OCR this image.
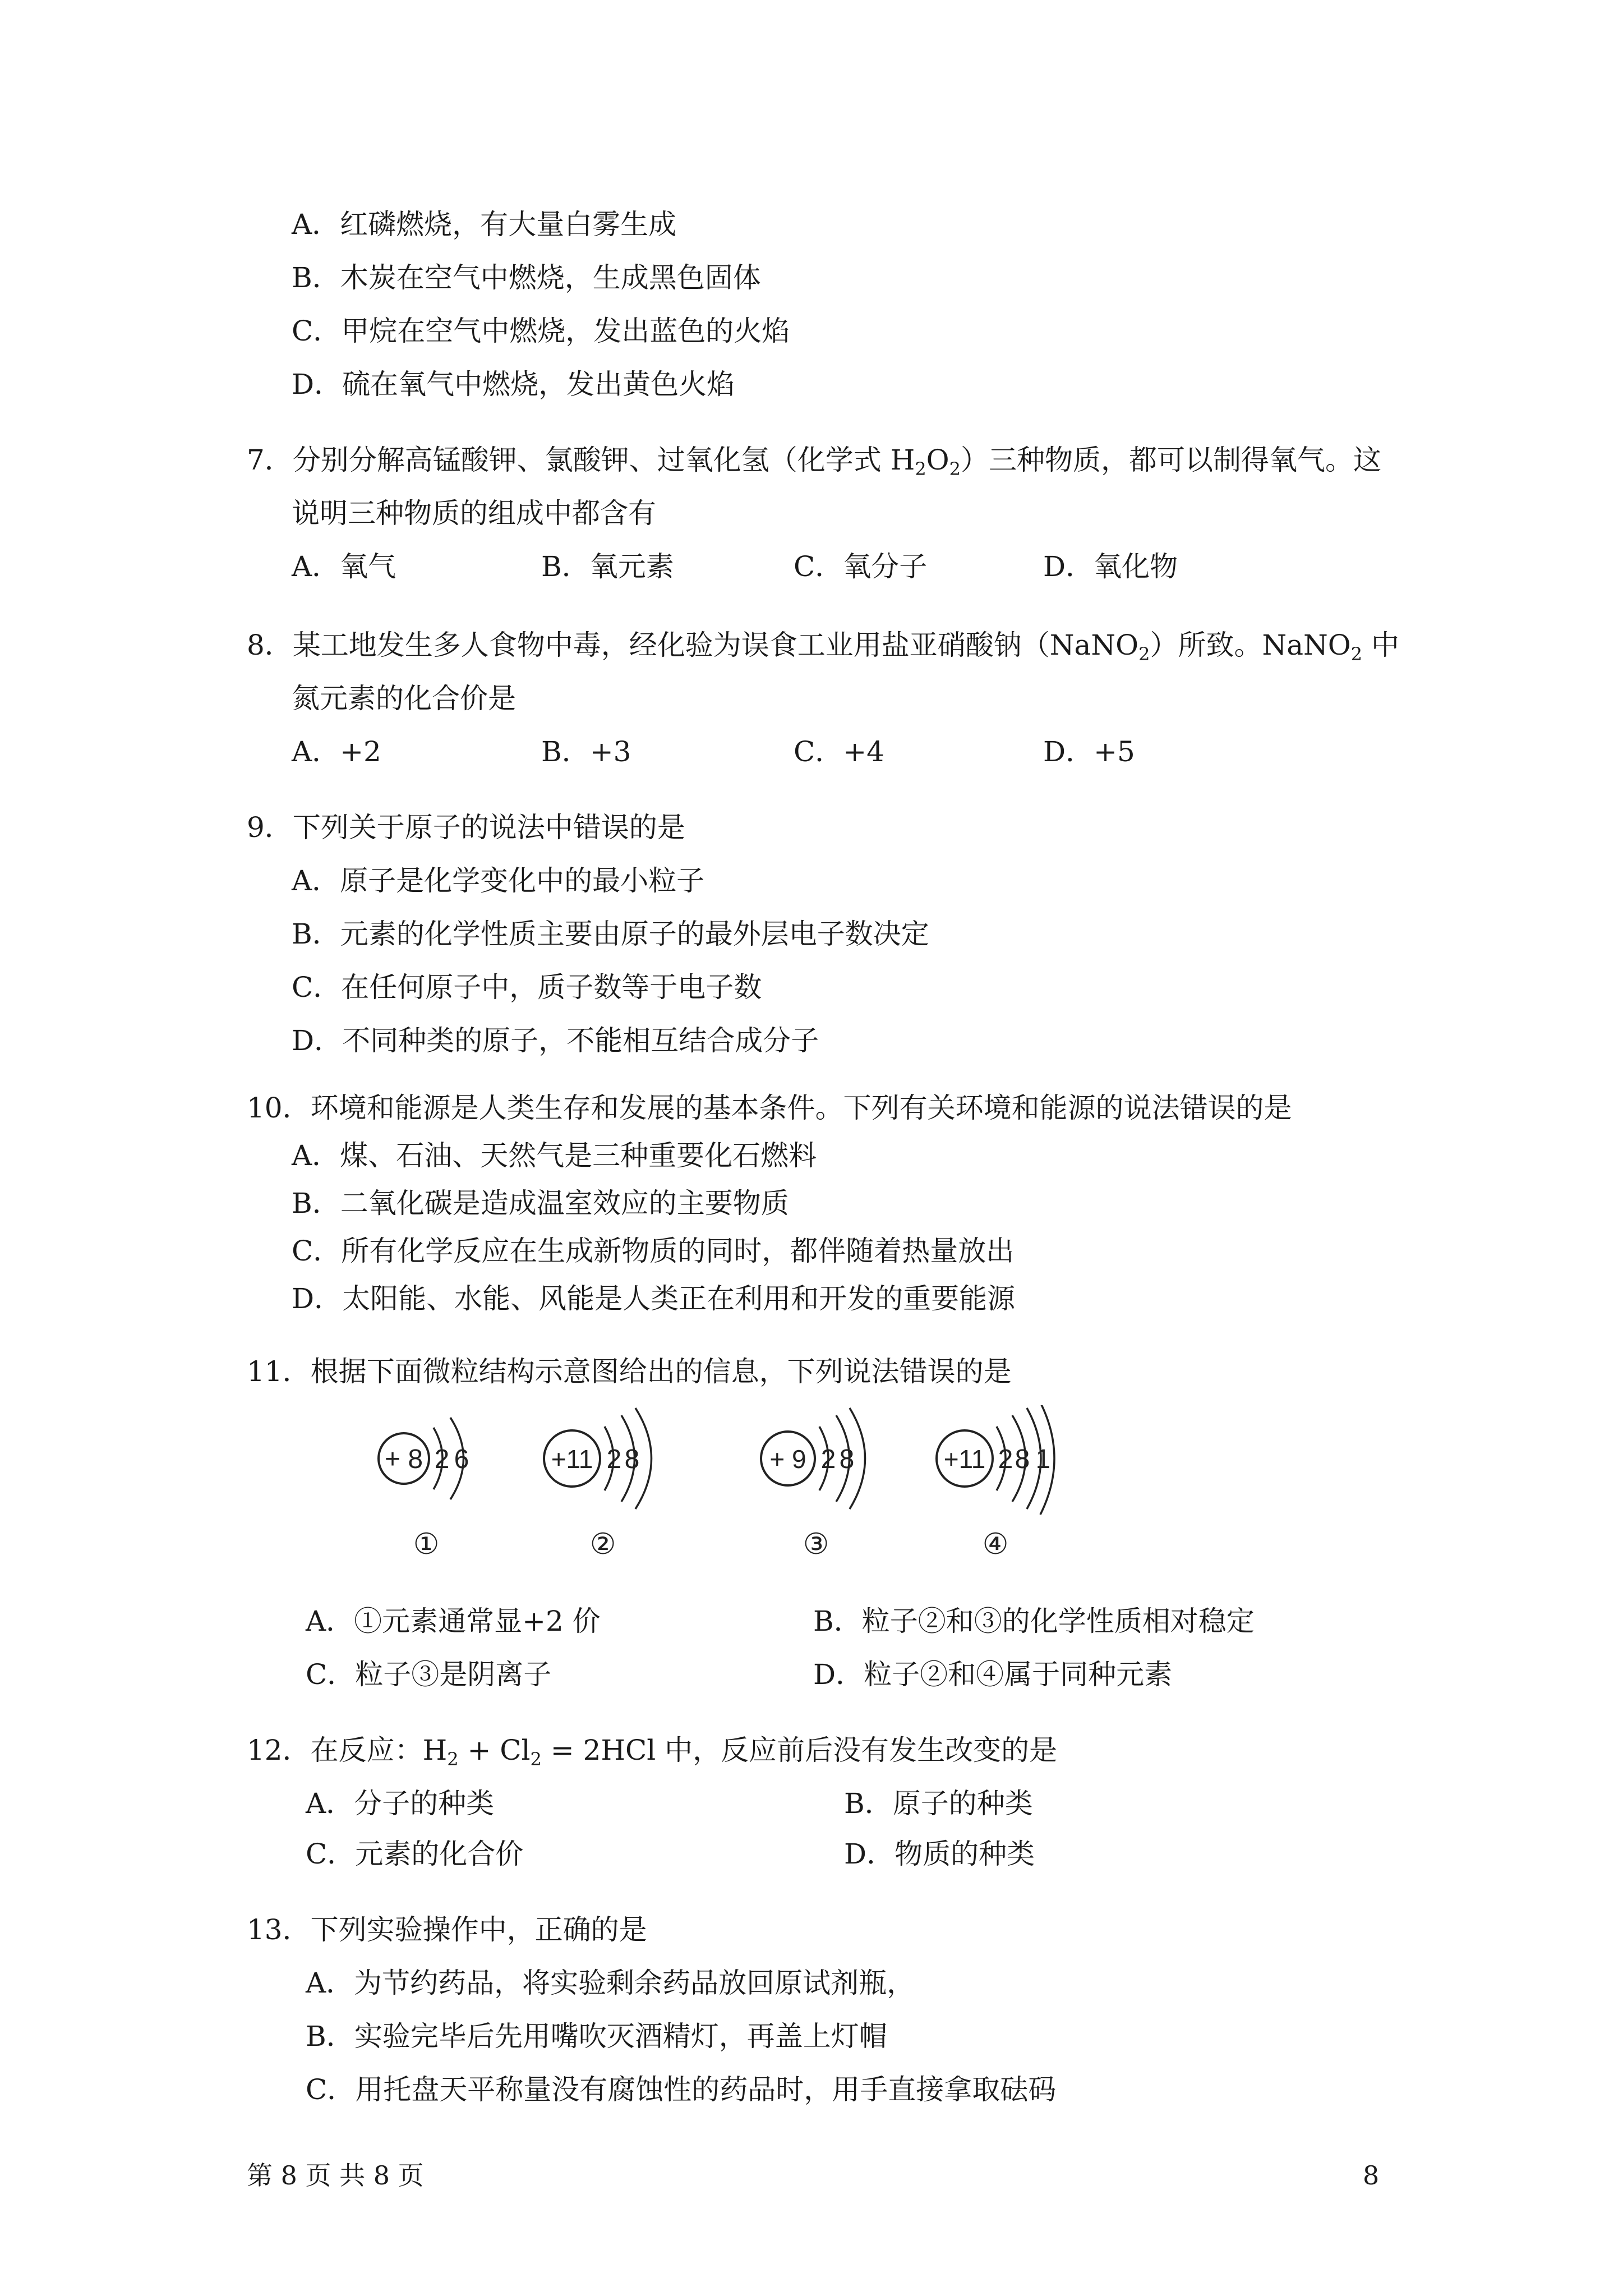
A．红磷燃烧，有大量白雾生成
B．木炭在空气中燃烧，生成黑色固体
C．甲烷在空气中燃烧，发出蓝色的火焰
D．硫在氧气中燃烧，发出黄色火焰
7．分别分解高锰酸钾、氯酸钾、过氧化氢（化学式 $H_2O_2$）三种物质，都可以制得氧气。这
说明三种物质的组成中都含有
A．氧气	B．氧元素	C．氧分子	D．氧化物
8．某工地发生多人食物中毒，经化验为误食工业用盐亚硝酸钠（NaNO$_2$）所致。NaNO$_2$ 中
氮元素的化合价是
A．+2	B．+3	C．+4	D．+5
9．下列关于原子的说法中错误的是
A．原子是化学变化中的最小粒子
B．元素的化学性质主要由原子的最外层电子数决定
C．在任何原子中，质子数等于电子数
D．不同种类的原子，不能相互结合成分子
10．环境和能源是人类生存和发展的基本条件。下列有关环境和能源的说法错误的是
A．煤、石油、天然气是三种重要化石燃料
B．二氧化碳是造成温室效应的主要物质
C．所有化学反应在生成新物质的同时，都伴随着热量放出
D．太阳能、水能、风能是人类正在利用和开发的重要能源
11．根据下面微粒结构示意图给出的信息，下列说法错误的是
+ 8 2 6
①
+11 2 8
②
+ 9 2 8
③
+11 2 8 1
④
A．①元素通常显+2 价	B．粒子②和③的化学性质相对稳定
C．粒子③是阴离子	D．粒子②和④属于同种元素
12．在反应：$H_2 + Cl_2 = 2HCl$ 中，反应前后没有发生改变的是
A．分子的种类	B．原子的种类
C．元素的化合价	D．物质的种类
13．下列实验操作中，正确的是
A．为节约药品，将实验剩余药品放回原试剂瓶，
B．实验完毕后先用嘴吹灭酒精灯，再盖上灯帽
C．用托盘天平称量没有腐蚀性的药品时，用手直接拿取砝码
第 8 页 共 8 页	8
